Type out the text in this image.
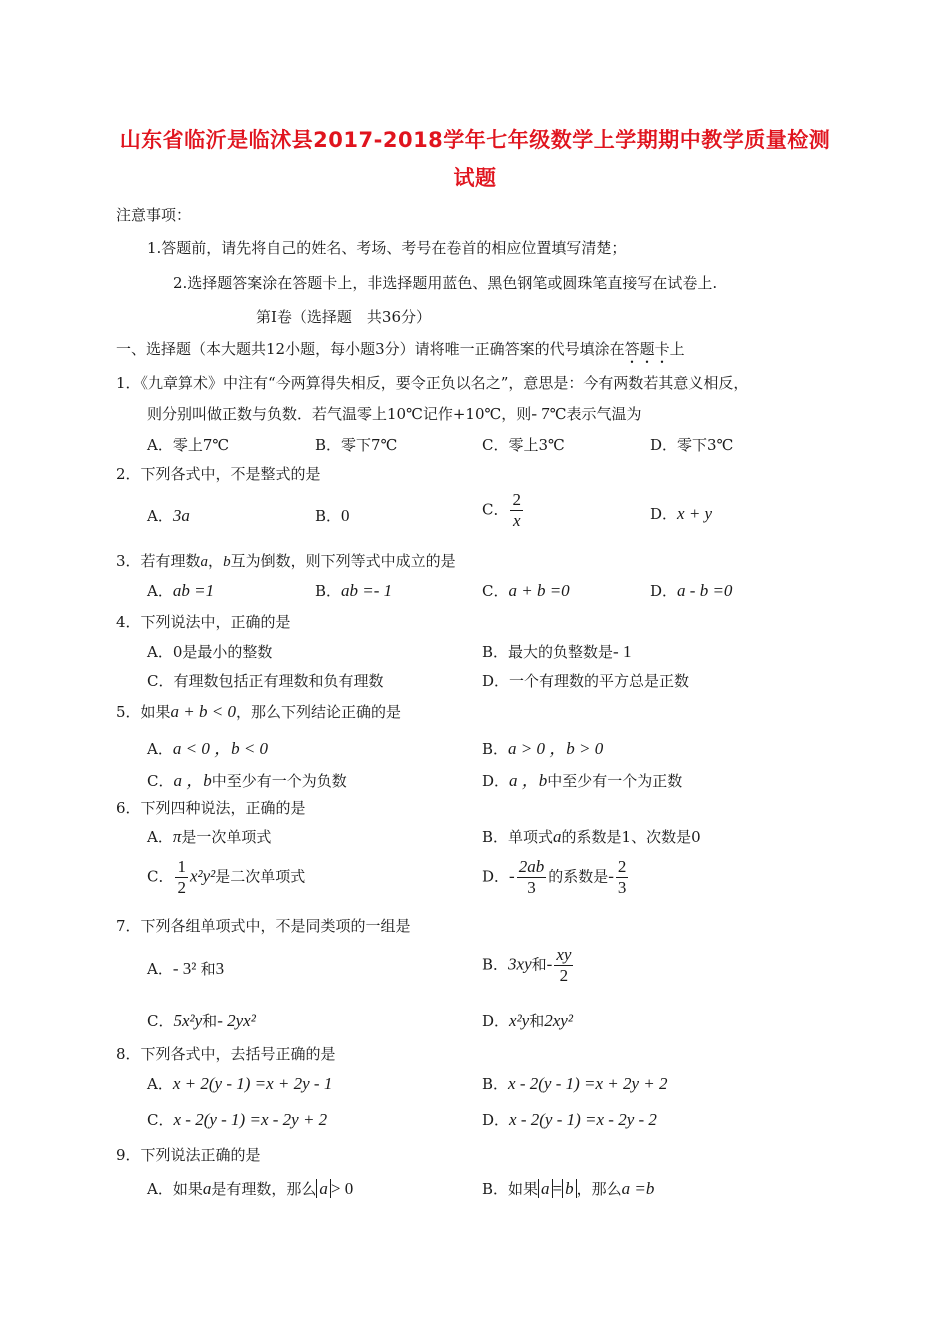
山东省临沂是临沭县2017-2018学年七年级数学上学期期中教学质量检测
试题
注意事项：
1.答题前，请先将自己的姓名、考场、考号在卷首的相应位置填写清楚；
2.选择题答案涂在答题卡上，非选择题用蓝色、黑色钢笔或圆珠笔直接写在试卷上.
第Ⅰ卷（选择题　共36分）
一、选择题（本大题共12小题，每小题3分）请将唯一正确答案的代号填涂在答题卡上
1．《九章算术》中注有“今两算得失相反，要令正负以名之”，意思是：今有两数若其意义相反，
则分别叫做正数与负数．若气温零上10℃记作+10℃，则- 7℃表示气温为
A．零上7℃	B．零下7℃	C．零上3℃	D．零下3℃
2．下列各式中，不是整式的是
A．3a	B．0	C． $\frac{2}{x}$	D．x + y
3．若有理数a，b互为倒数，则下列等式中成立的是
A．ab =1	B．ab =- 1	C．a + b =0	D．a - b =0
4．下列说法中，正确的是
A．0是最小的整数	B．最大的负整数是- 1
C．有理数包括正有理数和负有理数	D．一个有理数的平方总是正数
5．如果a + b < 0，那么下列结论正确的是
A．a < 0 ，b < 0	B．a > 0 ，b > 0
C．a ，b中至少有一个为负数	D．a ，b中至少有一个为正数
6．下列四种说法，正确的是
A．π是一次单项式	B．单项式a的系数是1、次数是0
C． $\frac{1}{2} x^2y^2$是二次单项式	D．- $\frac{2ab}{3}$ 的系数是- $\frac{2}{3}$
7．下列各组单项式中，不是同类项的一组是
A．- 3² 和3	B．3xy和- $\frac{xy}{2}$
C．5x²y和- 2yx²	D．x²y和2xy²
8．下列各式中，去括号正确的是
A．x + 2(y - 1) =x + 2y - 1	B．x - 2(y - 1) =x + 2y + 2
C．x - 2(y - 1) =x - 2y + 2	D．x - 2(y - 1) =x - 2y - 2
9．下列说法正确的是
A．如果a是有理数，那么 a > 0	B．如果 a = b ，那么a =b
